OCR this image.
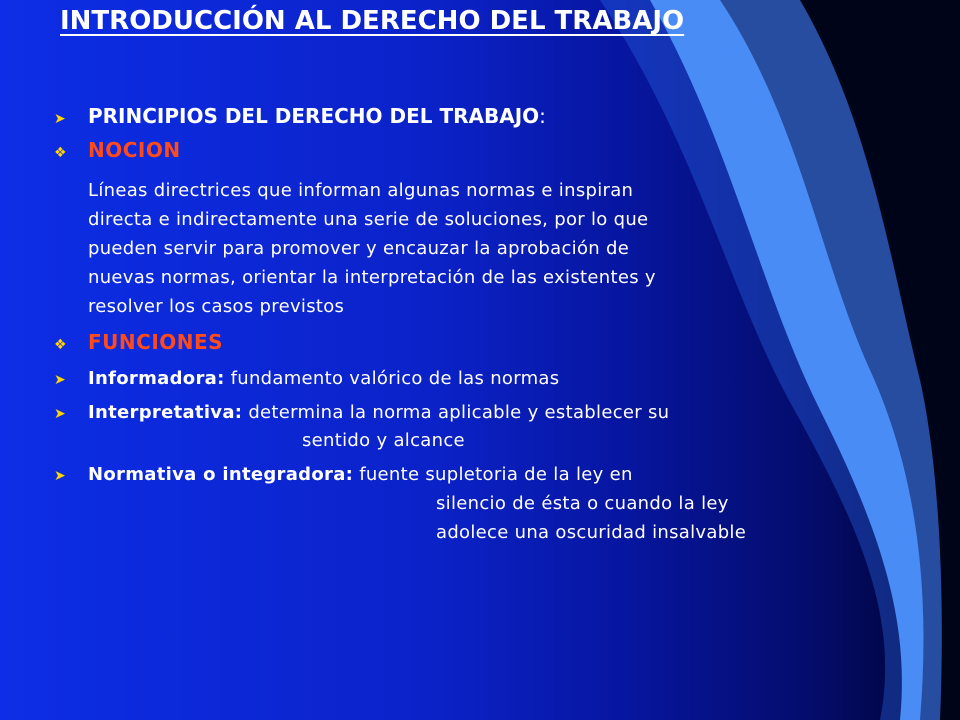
INTRODUCCIÓN AL DERECHO DEL TRABAJO
➤	PRINCIPIOS DEL DERECHO DEL TRABAJO :
❖	NOCION
Líneas directrices que informan algunas normas e inspiran
directa e indirectamente una serie de soluciones, por lo que
pueden servir para promover y encauzar la aprobación de
nuevas normas, orientar la interpretación de las existentes y
resolver los casos previstos
❖	FUNCIONES
➤	Informadora:
fundamento valórico de las normas
➤	Interpretativa:
determina la norma aplicable y establecer su
sentido y alcance
➤	Normativa o integradora:
fuente supletoria de la ley en
silencio de ésta o cuando la ley
adolece una oscuridad insalvable
